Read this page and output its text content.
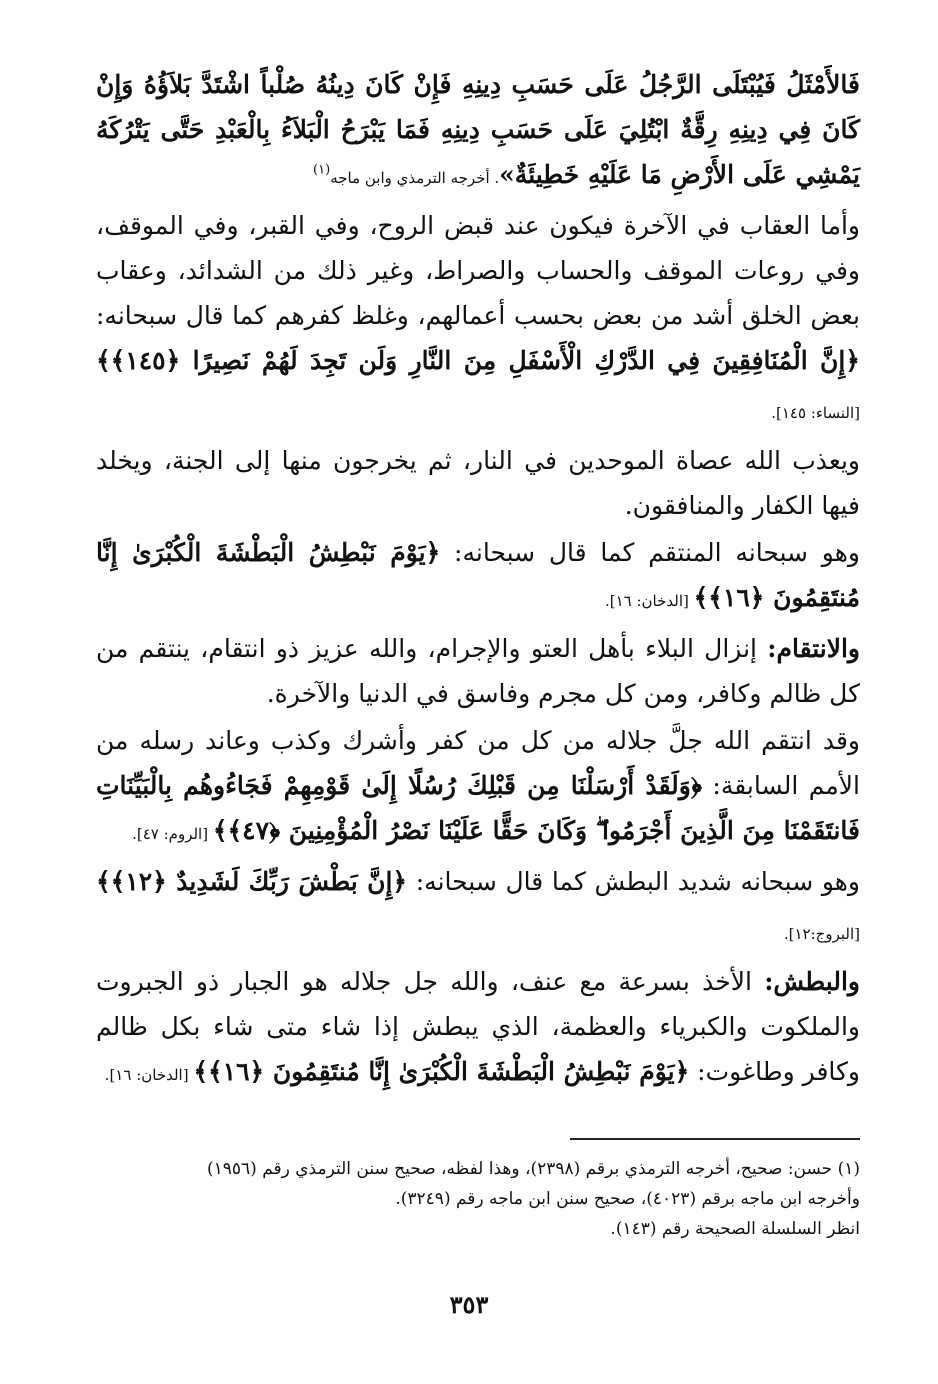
فَالأَمْثَلُ فَيُبْتَلَى الرَّجُلُ عَلَى حَسَبِ دِينِهِ فَإِنْ كَانَ دِينُهُ صُلْباً اشْتَدَّ بَلاَؤُهُ وَإِنْ كَانَ فِي دِينِهِ رِقَّةٌ ابْتُلِيَ عَلَى حَسَبِ دِينِهِ فَمَا يَبْرَحُ الْبَلاَءُ بِالْعَبْدِ حَتَّى يَتْرُكَهُ يَمْشِي عَلَى الأَرْضِ مَا عَلَيْهِ خَطِيئَةٌ». أخرجه الترمذي وابن ماجه$^{(١)}$

وأما العقاب في الآخرة فيكون عند قبض الروح، وفي القبر، وفي الموقف، وفي روعات الموقف والحساب والصراط، وغير ذلك من الشدائد، وعقاب بعض الخلق أشد من بعض بحسب أعمالهم، وغلظ كفرهم كما قال سبحانه: ﴿إِنَّ الْمُنَافِقِينَ فِي الدَّرْكِ الْأَسْفَلِ مِنَ النَّارِ وَلَن تَجِدَ لَهُمْ نَصِيرًا ﴿١٤٥﴾﴾ [النساء: ١٤٥].

ويعذب الله عصاة الموحدين في النار، ثم يخرجون منها إلى الجنة، ويخلد فيها الكفار والمنافقون.

وهو سبحانه المنتقم كما قال سبحانه: ﴿يَوْمَ نَبْطِشُ الْبَطْشَةَ الْكُبْرَىٰ إِنَّا مُنتَقِمُونَ ﴿١٦﴾﴾ [الدخان: ١٦].

والانتقام: إنزال البلاء بأهل العتو والإجرام، والله عزيز ذو انتقام، ينتقم من كل ظالم وكافر، ومن كل مجرم وفاسق في الدنيا والآخرة.

وقد انتقم الله جلَّ جلاله من كل من كفر وأشرك وكذب وعاند رسله من الأمم السابقة: ﴿وَلَقَدْ أَرْسَلْنَا مِن قَبْلِكَ رُسُلًا إِلَىٰ قَوْمِهِمْ فَجَاءُوهُم بِالْبَيِّنَاتِ فَانتَقَمْنَا مِنَ الَّذِينَ أَجْرَمُوا ۖ وَكَانَ حَقًّا عَلَيْنَا نَصْرُ الْمُؤْمِنِينَ ﴿٤٧﴾﴾ [الروم: ٤٧].

وهو سبحانه شديد البطش كما قال سبحانه: ﴿إِنَّ بَطْشَ رَبِّكَ لَشَدِيدٌ ﴿١٢﴾﴾ [البروج:١٢].

والبطش: الأخذ بسرعة مع عنف، والله جل جلاله هو الجبار ذو الجبروت والملكوت والكبرياء والعظمة، الذي يبطش إذا شاء متى شاء بكل ظالم وكافر وطاغوت: ﴿يَوْمَ نَبْطِشُ الْبَطْشَةَ الْكُبْرَىٰ إِنَّا مُنتَقِمُونَ ﴿١٦﴾﴾ [الدخان: ١٦].

(١) حسن: صحيح، أخرجه الترمذي برقم (٢٣٩٨)، وهذا لفظه، صحيح سنن الترمذي رقم (١٩٥٦)

وأخرجه ابن ماجه برقم (٤٠٢٣)، صحيح سنن ابن ماجه رقم (٣٢٤٩).

انظر السلسلة الصحيحة رقم (١٤٣).

٣٥٣
